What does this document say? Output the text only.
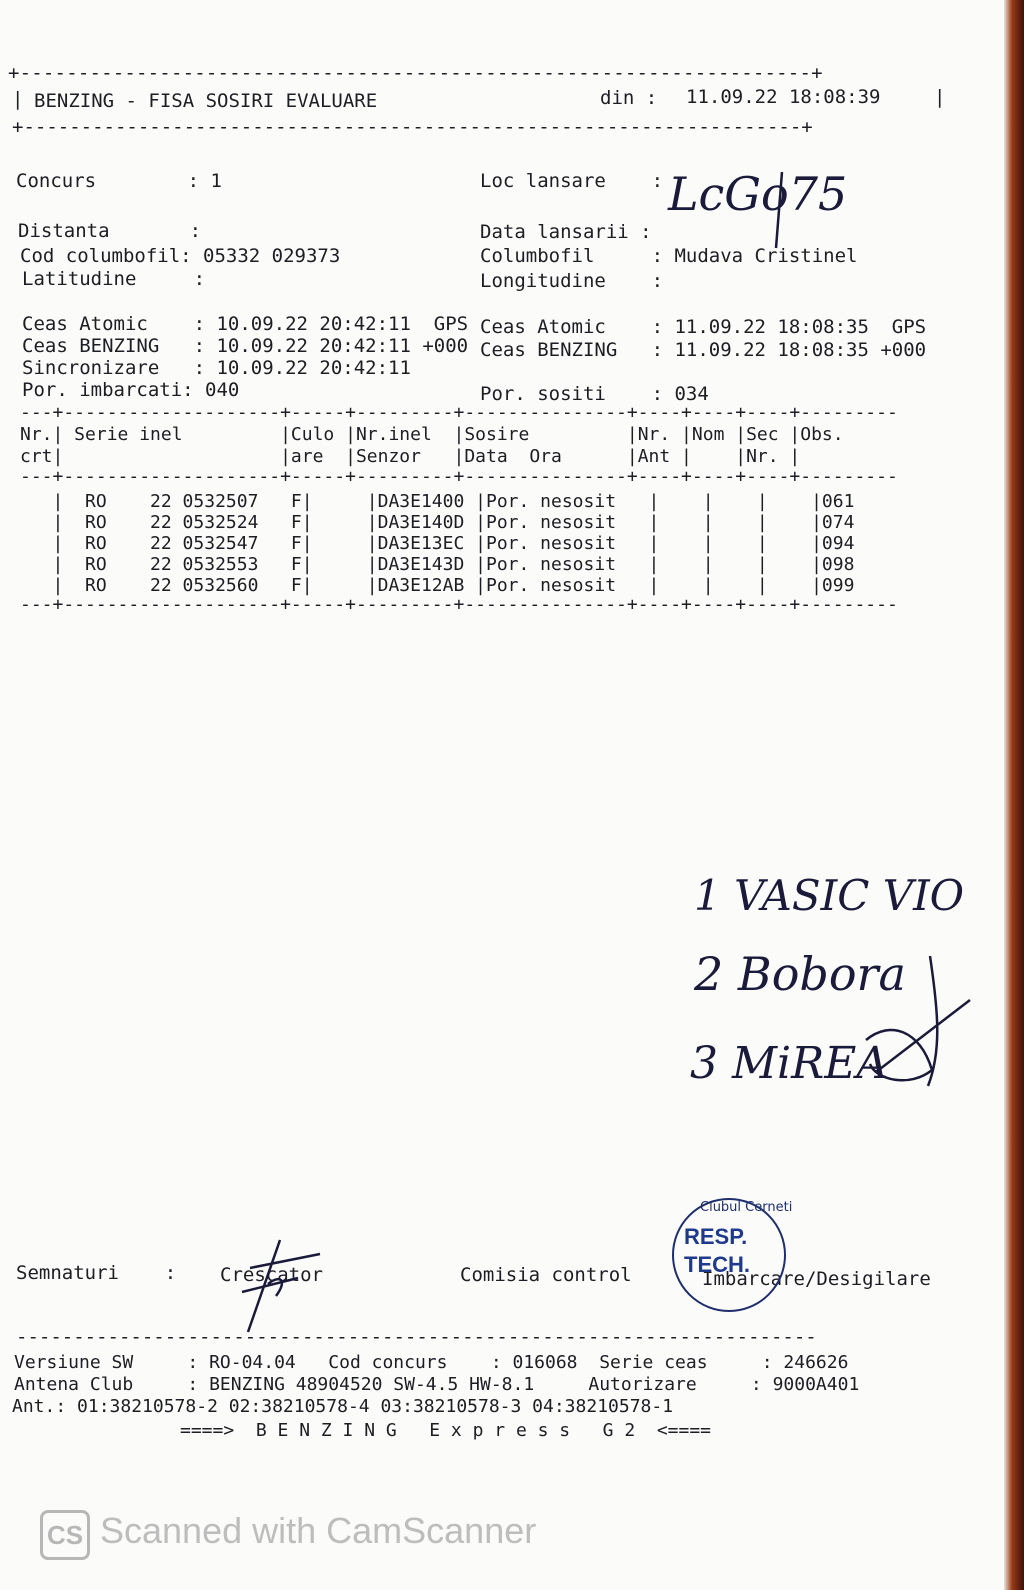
+--------------------------------------------------------------------+
| BENZING - FISA SOSIRI EVALUARE	din : 11.09.22 18:08:39	|
+--------------------------------------------------------------------+
Concurs        : 1	Loc lansare    :
Distanta       :	Data lansarii :
Cod columbofil: 05332 029373	Columbofil     : Mudava Cristinel
Latitudine     :	Longitudine    :
LcGo75
Ceas Atomic    : 10.09.22 20:42:11  GPS Ceas Atomic    : 11.09.22 18:08:35  GPS
Ceas BENZING   : 10.09.22 20:42:11 +000 Ceas BENZING   : 11.09.22 18:08:35 +000
Sincronizare   : 10.09.22 20:42:11
Por. imbarcati: 040	Por. sositi    : 034
---+--------------------+-----+---------+---------------+----+----+----+---------
Nr.| Serie inel         |Culo |Nr.inel  |Sosire         |Nr. |Nom |Sec |Obs.
crt|                    |are  |Senzor   |Data  Ora      |Ant |    |Nr. |
---+--------------------+-----+---------+---------------+----+----+----+---------
|  RO    22 0532507   F|     |DA3E1400 |Por. nesosit   |    |    |    |061
|  RO    22 0532524   F|     |DA3E140D |Por. nesosit   |    |    |    |074
|  RO    22 0532547   F|     |DA3E13EC |Por. nesosit   |    |    |    |094
|  RO    22 0532553   F|     |DA3E143D |Por. nesosit   |    |    |    |098
|  RO    22 0532560   F|     |DA3E12AB |Por. nesosit   |    |    |    |099
---+--------------------+-----+---------+---------------+----+----+----+---------
1 VASIC VIO
2 Bobora
3 MiREA
Semnaturi    : Crescator	Comisia control	Imbarcare/Desigilare
Clubul Cerneti
RESP.
TECH.
----------------------------------------------------------------------
Versiune SW     : RO-04.04   Cod concurs    : 016068  Serie ceas     : 246626
Antena Club     : BENZING 48904520 SW-4.5 HW-8.1     Autorizare     : 9000A401
Ant.: 01:38210578-2 02:38210578-4 03:38210578-3 04:38210578-1
====>  B E N Z I N G   E x p r e s s   G 2  <====
CS Scanned with CamScanner
